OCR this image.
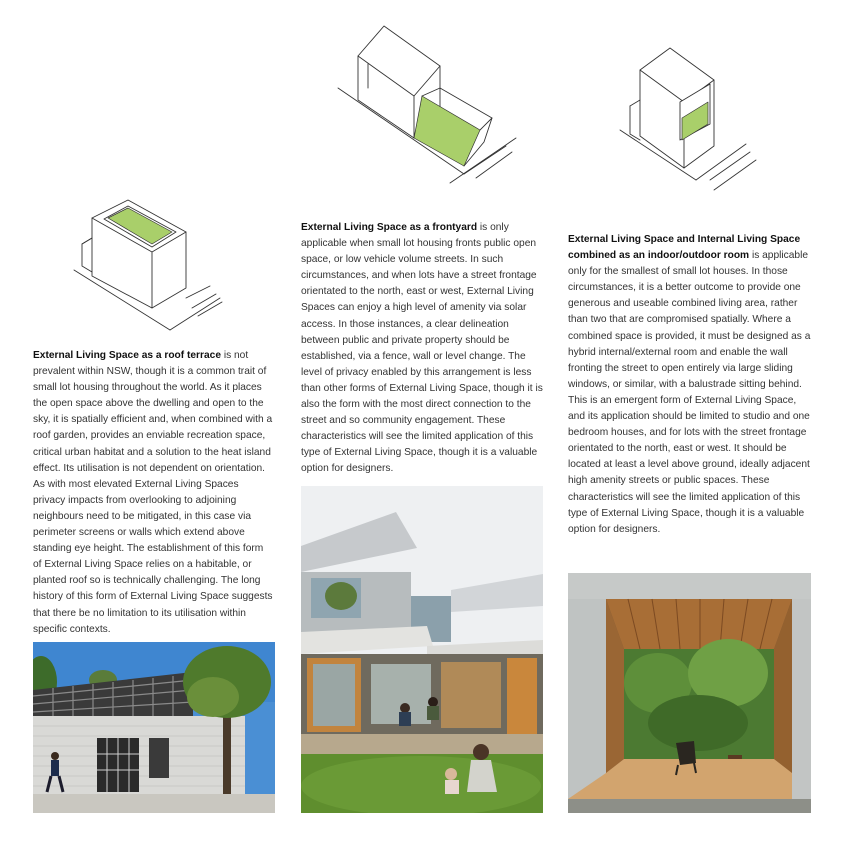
External Living Space as a roof terrace is not prevalent within NSW, though it is a common trait of small lot housing throughout the world. As it places the open space above the dwelling and open to the sky, it is spatially efficient and, when combined with a roof garden, provides an enviable recreation space, critical urban habitat and a solution to the heat island effect. Its utilisation is not dependent on orientation. As with most elevated External Living Spaces privacy impacts from overlooking to adjoining neighbours need to be mitigated, in this case via perimeter screens or walls which extend above standing eye height. The establishment of this form of External Living Space relies on a habitable, or planted roof so is technically challenging. The long history of this form of External Living Space suggests that there be no limitation to its utilisation within specific contexts.

External Living Space as a frontyard is only applicable when small lot housing fronts public open space, or low vehicle volume streets. In such circumstances, and when lots have a street frontage orientated to the north, east or west, External Living Spaces can enjoy a high level of amenity via solar access. In those instances, a clear delineation between public and private property should be established, via a fence, wall or level change. The level of privacy enabled by this arrangement is less than other forms of External Living Space, though it is also the form with the most direct connection to the street and so community engagement. These characteristics will see the limited application of this type of External Living Space, though it is a valuable option for designers.

External Living Space and Internal Living Space combined as an indoor/outdoor room is applicable only for the smallest of small lot houses. In those circumstances, it is a better outcome to provide one generous and useable combined living area, rather than two that are compromised spatially. Where a combined space is provided, it must be designed as a hybrid internal/external room and enable the wall fronting the street to open entirely via large sliding windows, or similar, with a balustrade sitting behind. This is an emergent form of External Living Space, and its application should be limited to studio and one bedroom houses, and for lots with the street frontage orientated to the north, east or west. It should be located at least a level above ground, ideally adjacent high amenity streets or public spaces. These characteristics will see the limited application of this type of External Living Space, though it is a valuable option for designers.
